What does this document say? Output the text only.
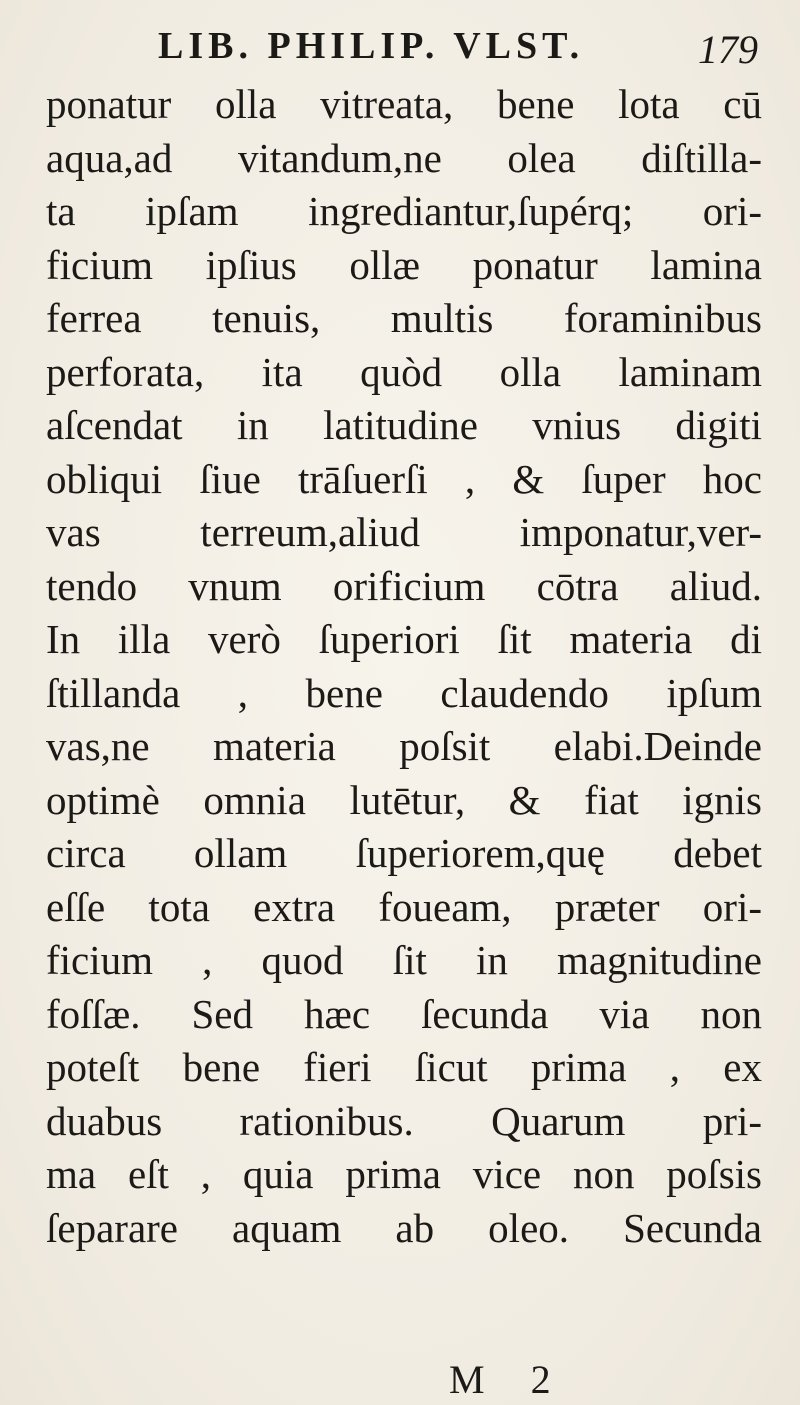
LIB. PHILIP. VLST.	179
ponatur olla vitreata, bene lota cū
aqua,ad vitandum,ne olea diſtilla-
ta ipſam ingrediantur,ſupérq; ori-
ficium ipſius ollæ ponatur lamina
ferrea tenuis, multis foraminibus
perforata, ita quòd olla laminam
aſcendat in latitudine vnius digiti
obliqui ſiue trāſuerſi , & ſuper hoc
vas terreum,aliud imponatur,ver-
tendo vnum orificium cōtra aliud.
In illa verò ſuperiori ſit materia di
ſtillanda , bene claudendo ipſum
vas,ne materia poſsit elabi.Deinde
optimè omnia lutētur, & fiat ignis
circa ollam ſuperiorem,quę debet
eſſe tota extra foueam, præter ori-
ficium , quod ſit in magnitudine
foſſæ. Sed hæc ſecunda via non
poteſt bene fieri ſicut prima , ex
duabus rationibus. Quarum pri-
ma eſt , quia prima vice non poſsis
ſeparare aquam ab oleo. Secunda
M 2
